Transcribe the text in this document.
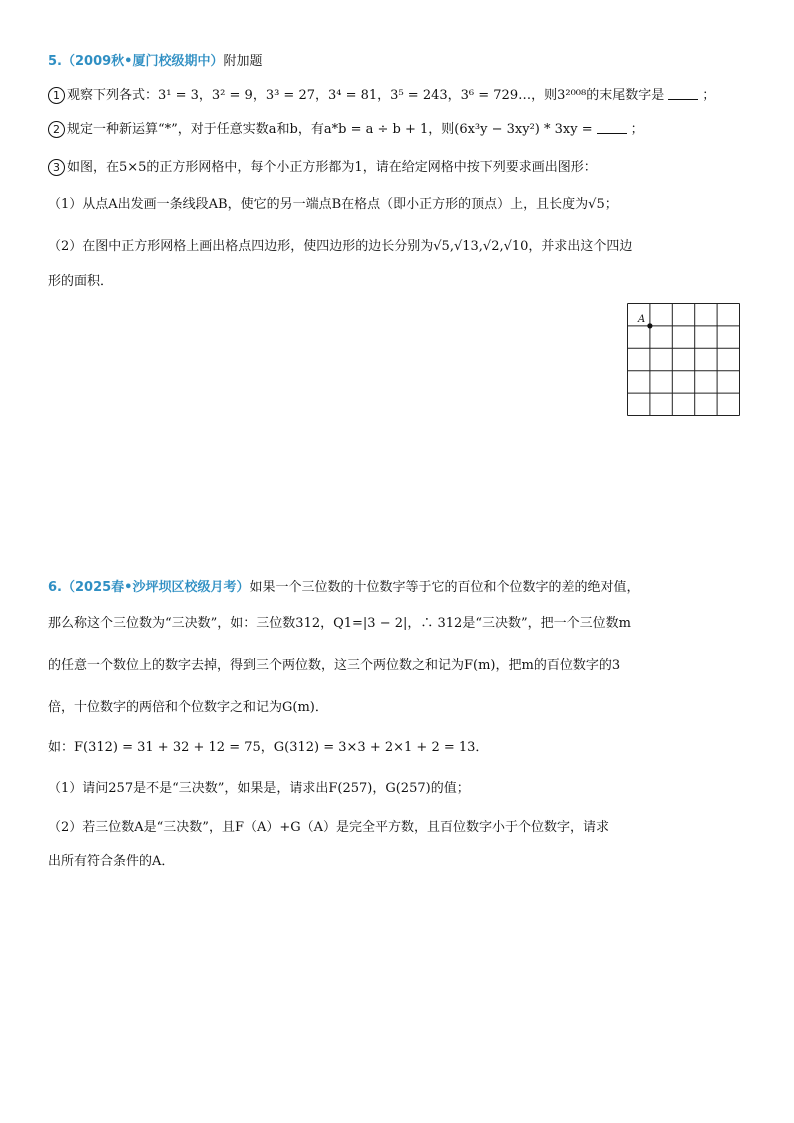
5.（2009秋•厦门校级期中）附加题
1 观察下列各式：3¹ = 3，3² = 9，3³ = 27，3⁴ = 81，3⁵ = 243，3⁶ = 729…，则3²⁰⁰⁸的末尾数字是	；
2 规定一种新运算“*”，对于任意实数a和b，有a*b = a ÷ b + 1，则(6x³y − 3xy²) * 3xy =	；
3 如图，在5×5的正方形网格中，每个小正方形都为1，请在给定网格中按下列要求画出图形：
（1）从点A出发画一条线段AB，使它的另一端点B在格点（即小正方形的顶点）上，且长度为√5；
（2）在图中正方形网格上画出格点四边形，使四边形的边长分别为√5,√13,√2,√10，并求出这个四边
形的面积．
A
6.（2025春•沙坪坝区校级月考）如果一个三位数的十位数字等于它的百位和个位数字的差的绝对值，
那么称这个三位数为“三决数”，如：三位数312，Q1=|3 − 2|，∴ 312是“三决数”，把一个三位数m
的任意一个数位上的数字去掉，得到三个两位数，这三个两位数之和记为F(m)，把m的百位数字的3
倍，十位数字的两倍和个位数字之和记为G(m)．
如：F(312) = 31 + 32 + 12 = 75，G(312) = 3×3 + 2×1 + 2 = 13．
（1）请问257是不是“三决数”，如果是，请求出F(257)，G(257)的值；
（2）若三位数A是“三决数”，且F（A）+G（A）是完全平方数，且百位数字小于个位数字，请求
出所有符合条件的A．
